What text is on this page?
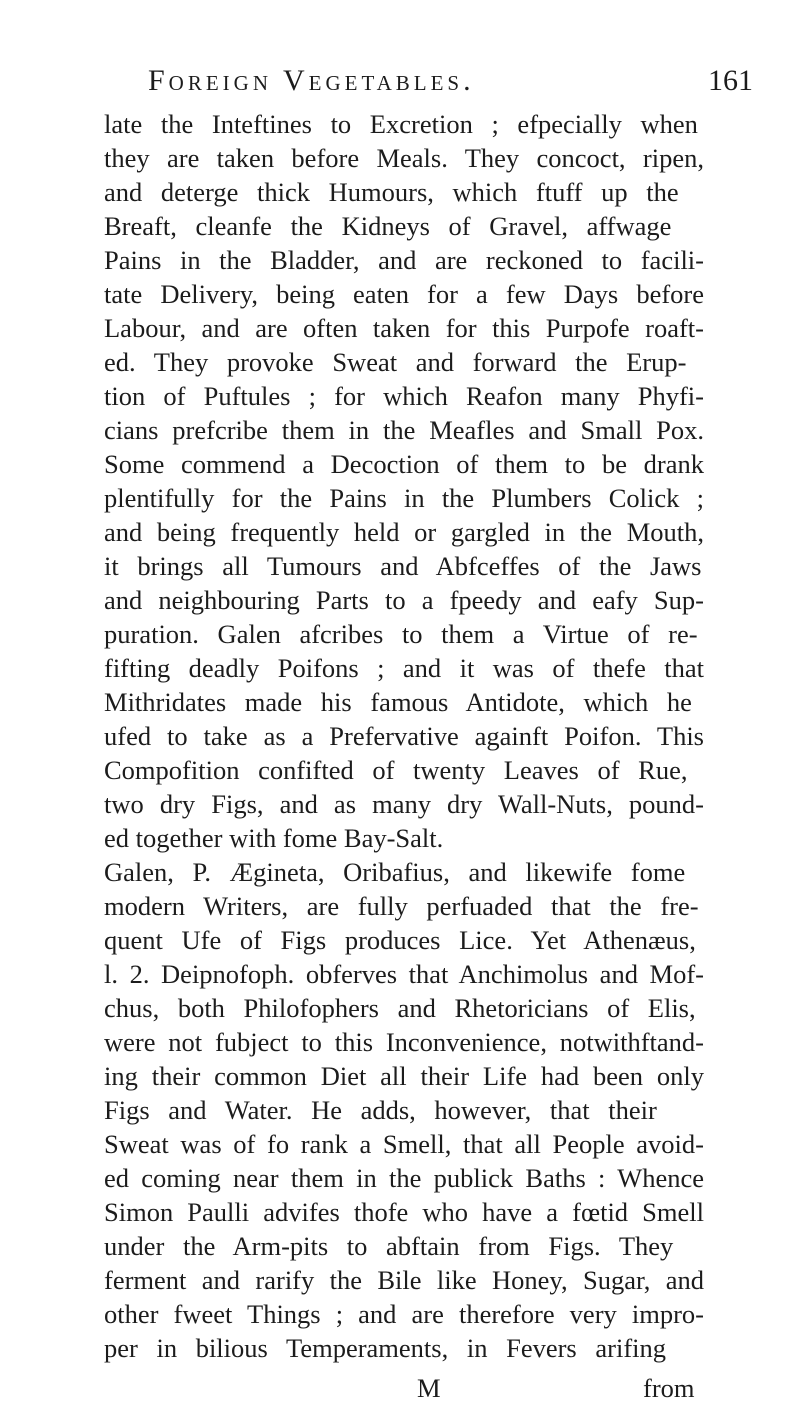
Foreign Vegetables.	161
late the Inteftines to Excretion ; efpecially when
they are taken before Meals. They concoct, ripen,
and deterge thick Humours, which ftuff up the
Breaft, cleanfe the Kidneys of Gravel, affwage
Pains in the Bladder, and are reckoned to facili-
tate Delivery, being eaten for a few Days before
Labour, and are often taken for this Purpofe roaft-
ed. They provoke Sweat and forward the Erup-
tion of Puftules ; for which Reafon many Phyfi-
cians prefcribe them in the Meafles and Small Pox.
Some commend a Decoction of them to be drank
plentifully for the Pains in the Plumbers Colick ;
and being frequently held or gargled in the Mouth,
it brings all Tumours and Abfceffes of the Jaws
and neighbouring Parts to a fpeedy and eafy Sup-
puration. Galen afcribes to them a Virtue of re-
fifting deadly Poifons ; and it was of thefe that
Mithridates made his famous Antidote, which he
ufed to take as a Prefervative againft Poifon. This
Compofition confifted of twenty Leaves of Rue,
two dry Figs, and as many dry Wall-Nuts, pound-
ed together with fome Bay-Salt.
Galen, P. Ægineta, Oribafius, and likewife fome
modern Writers, are fully perfuaded that the fre-
quent Ufe of Figs produces Lice. Yet Athenæus,
l. 2. Deipnofoph. obferves that Anchimolus and Mof-
chus, both Philofophers and Rhetoricians of Elis,
were not fubject to this Inconvenience, notwithftand-
ing their common Diet all their Life had been only
Figs and Water. He adds, however, that their
Sweat was of fo rank a Smell, that all People avoid-
ed coming near them in the publick Baths : Whence
Simon Paulli advifes thofe who have a fœtid Smell
under the Arm-pits to abftain from Figs. They
ferment and rarify the Bile like Honey, Sugar, and
other fweet Things ; and are therefore very impro-
per in bilious Temperaments, in Fevers arifing
M	from
